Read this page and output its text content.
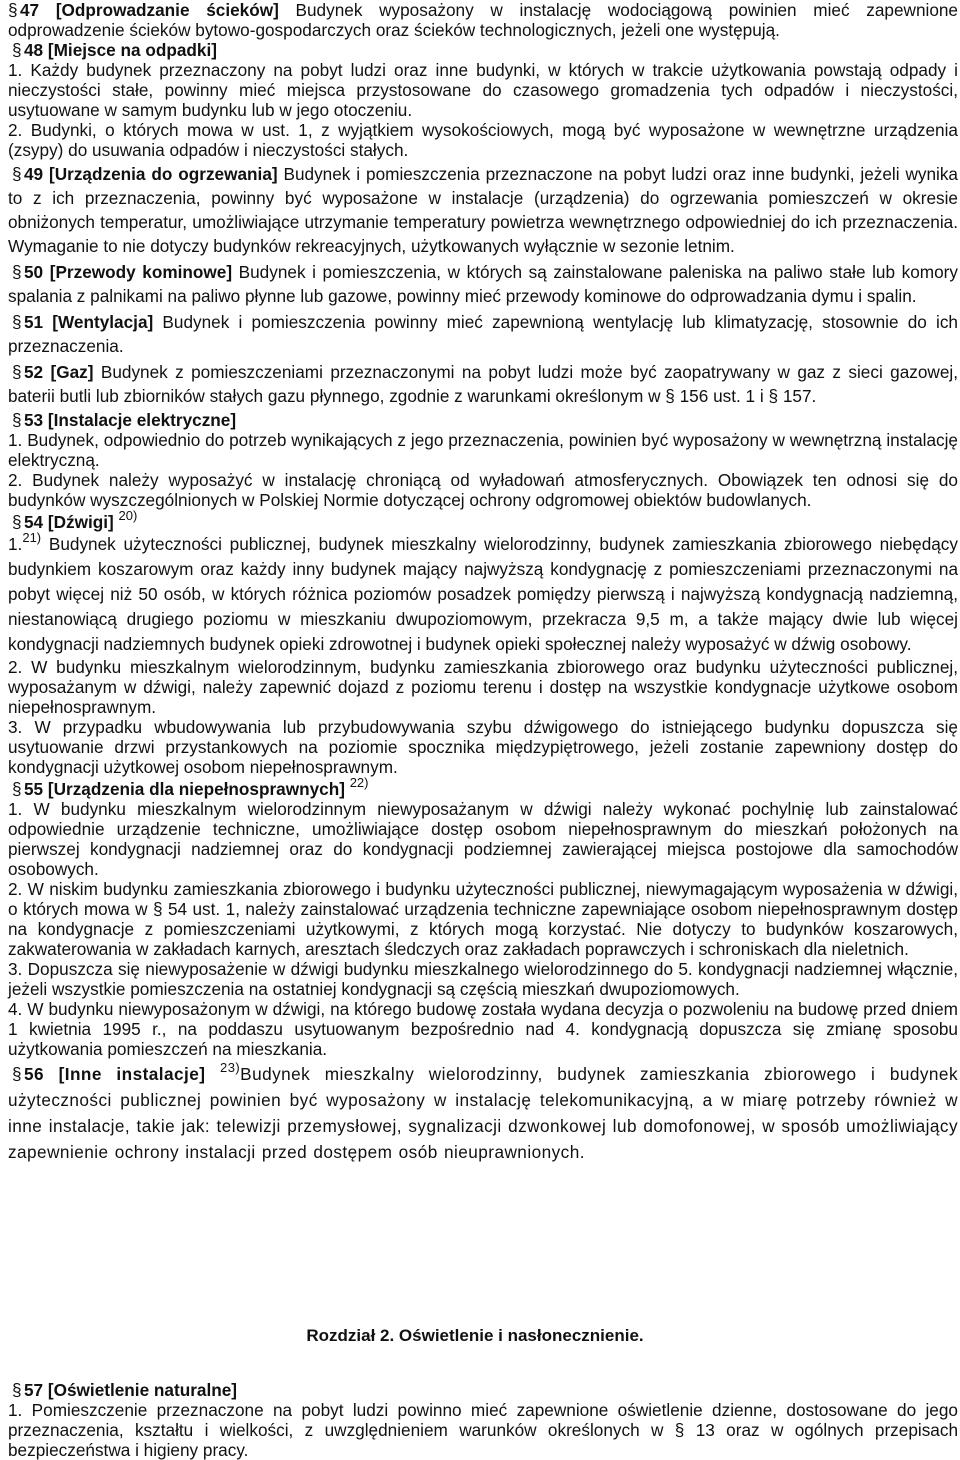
§ 47 [Odprowadzanie ścieków] Budynek wyposażony w instalację wodociągową powinien mieć zapewnione odprowadzenie ścieków bytowo-gospodarczych oraz ścieków technologicznych, jeżeli one występują.

§ 48 [Miejsce na odpadki]

1. Każdy budynek przeznaczony na pobyt ludzi oraz inne budynki, w których w trakcie użytkowania powstają odpady i nieczystości stałe, powinny mieć miejsca przystosowane do czasowego gromadzenia tych odpadów i nieczystości, usytuowane w samym budynku lub w jego otoczeniu.

2. Budynki, o których mowa w ust. 1, z wyjątkiem wysokościowych, mogą być wyposażone w wewnętrzne urządzenia (zsypy) do usuwania odpadów i nieczystości stałych.

§ 49 [Urządzenia do ogrzewania] Budynek i pomieszczenia przeznaczone na pobyt ludzi oraz inne budynki, jeżeli wynika to z ich przeznaczenia, powinny być wyposażone w instalacje (urządzenia) do ogrzewania pomieszczeń w okresie obniżonych temperatur, umożliwiające utrzymanie temperatury powietrza wewnętrznego odpowiedniej do ich przeznaczenia. Wymaganie to nie dotyczy budynków rekreacyjnych, użytkowanych wyłącznie w sezonie letnim.

§ 50 [Przewody kominowe] Budynek i pomieszczenia, w których są zainstalowane paleniska na paliwo stałe lub komory spalania z palnikami na paliwo płynne lub gazowe, powinny mieć przewody kominowe do odprowadzania dymu i spalin.

§ 51 [Wentylacja] Budynek i pomieszczenia powinny mieć zapewnioną wentylację lub klimatyzację, stosownie do ich przeznaczenia.

§ 52 [Gaz] Budynek z pomieszczeniami przeznaczonymi na pobyt ludzi może być zaopatrywany w gaz z sieci gazowej, baterii butli lub zbiorników stałych gazu płynnego, zgodnie z warunkami określonym w § 156 ust. 1 i § 157.

§ 53 [Instalacje elektryczne]

1. Budynek, odpowiednio do potrzeb wynikających z jego przeznaczenia, powinien być wyposażony w wewnętrzną instalację elektryczną.

2. Budynek należy wyposażyć w instalację chroniącą od wyładowań atmosferycznych. Obowiązek ten odnosi się do budynków wyszczególnionych w Polskiej Normie dotyczącej ochrony odgromowej obiektów budowlanych.

§ 54 [Dźwigi] $^{20)}$

1.$^{21)}$ Budynek użyteczności publicznej, budynek mieszkalny wielorodzinny, budynek zamieszkania zbiorowego niebędący budynkiem koszarowym oraz każdy inny budynek mający najwyższą kondygnację z pomieszczeniami przeznaczonymi na pobyt więcej niż 50 osób, w których różnica poziomów posadzek pomiędzy pierwszą i najwyższą kondygnacją nadziemną, niestanowiącą drugiego poziomu w mieszkaniu dwupoziomowym, przekracza 9,5 m, a także mający dwie lub więcej kondygnacji nadziemnych budynek opieki zdrowotnej i budynek opieki społecznej należy wyposażyć w dźwig osobowy.

2. W budynku mieszkalnym wielorodzinnym, budynku zamieszkania zbiorowego oraz budynku użyteczności publicznej, wyposażanym w dźwigi, należy zapewnić dojazd z poziomu terenu i dostęp na wszystkie kondygnacje użytkowe osobom niepełnosprawnym.

3. W przypadku wbudowywania lub przybudowywania szybu dźwigowego do istniejącego budynku dopuszcza się usytuowanie drzwi przystankowych na poziomie spocznika międzypiętrowego, jeżeli zostanie zapewniony dostęp do kondygnacji użytkowej osobom niepełnosprawnym.

§ 55 [Urządzenia dla niepełnosprawnych] $^{22)}$

1. W budynku mieszkalnym wielorodzinnym niewyposażanym w dźwigi należy wykonać pochylnię lub zainstalować odpowiednie urządzenie techniczne, umożliwiające dostęp osobom niepełnosprawnym do mieszkań położonych na pierwszej kondygnacji nadziemnej oraz do kondygnacji podziemnej zawierającej miejsca postojowe dla samochodów osobowych.

2. W niskim budynku zamieszkania zbiorowego i budynku użyteczności publicznej, niewymagającym wyposażenia w dźwigi, o których mowa w § 54 ust. 1, należy zainstalować urządzenia techniczne zapewniające osobom niepełnosprawnym dostęp na kondygnacje z pomieszczeniami użytkowymi, z których mogą korzystać. Nie dotyczy to budynków koszarowych, zakwaterowania w zakładach karnych, aresztach śledczych oraz zakładach poprawczych i schroniskach dla nieletnich.

3. Dopuszcza się niewyposażenie w dźwigi budynku mieszkalnego wielorodzinnego do 5. kondygnacji nadziemnej włącznie, jeżeli wszystkie pomieszczenia na ostatniej kondygnacji są częścią mieszkań dwupoziomowych.

4. W budynku niewyposażonym w dźwigi, na którego budowę została wydana decyzja o pozwoleniu na budowę przed dniem 1 kwietnia 1995 r., na poddaszu usytuowanym bezpośrednio nad 4. kondygnacją dopuszcza się zmianę sposobu użytkowania pomieszczeń na mieszkania.

§ 56 [Inne instalacje] $^{23)}$Budynek mieszkalny wielorodzinny, budynek zamieszkania zbiorowego i budynek użyteczności publicznej powinien być wyposażony w instalację telekomunikacyjną, a w miarę potrzeby również w inne instalacje, takie jak: telewizji przemysłowej, sygnalizacji dzwonkowej lub domofonowej, w sposób umożliwiający zapewnienie ochrony instalacji przed dostępem osób nieuprawnionych.

Rozdział 2. Oświetlenie i nasłonecznienie.

§ 57 [Oświetlenie naturalne]

1. Pomieszczenie przeznaczone na pobyt ludzi powinno mieć zapewnione oświetlenie dzienne, dostosowane do jego przeznaczenia, kształtu i wielkości, z uwzględnieniem warunków określonych w § 13 oraz w ogólnych przepisach bezpieczeństwa i higieny pracy.
